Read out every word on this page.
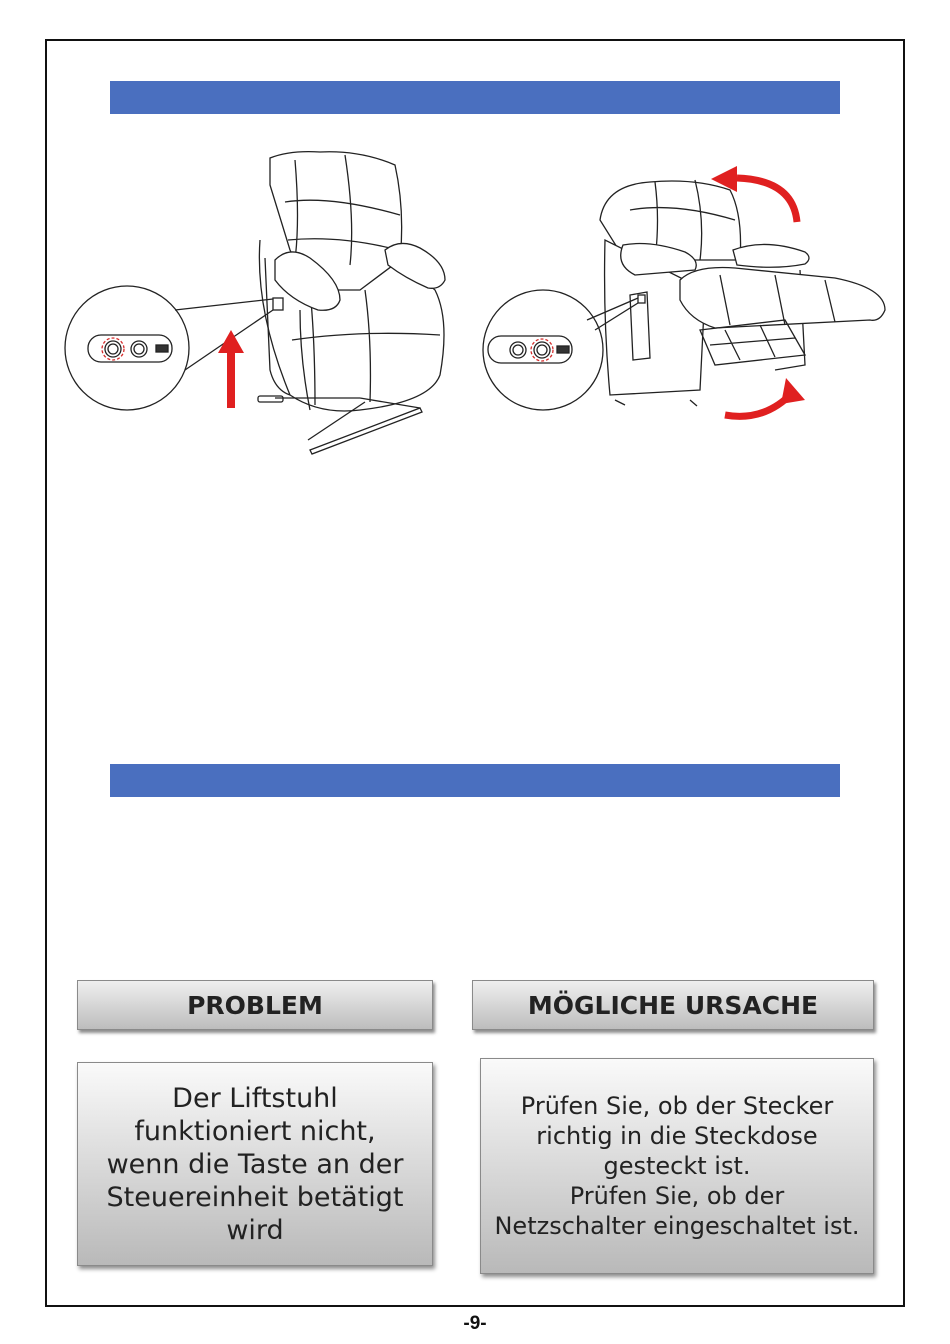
PROBLEM	MÖGLICHE URSACHE
Der Liftstuhl funktioniert nicht, wenn die Taste an der Steuereinheit betätigt wird

Prüfen Sie, ob der Stecker richtig in die Steckdose gesteckt ist.

Prüfen Sie, ob der Netzschalter eingeschaltet ist.

-9-
